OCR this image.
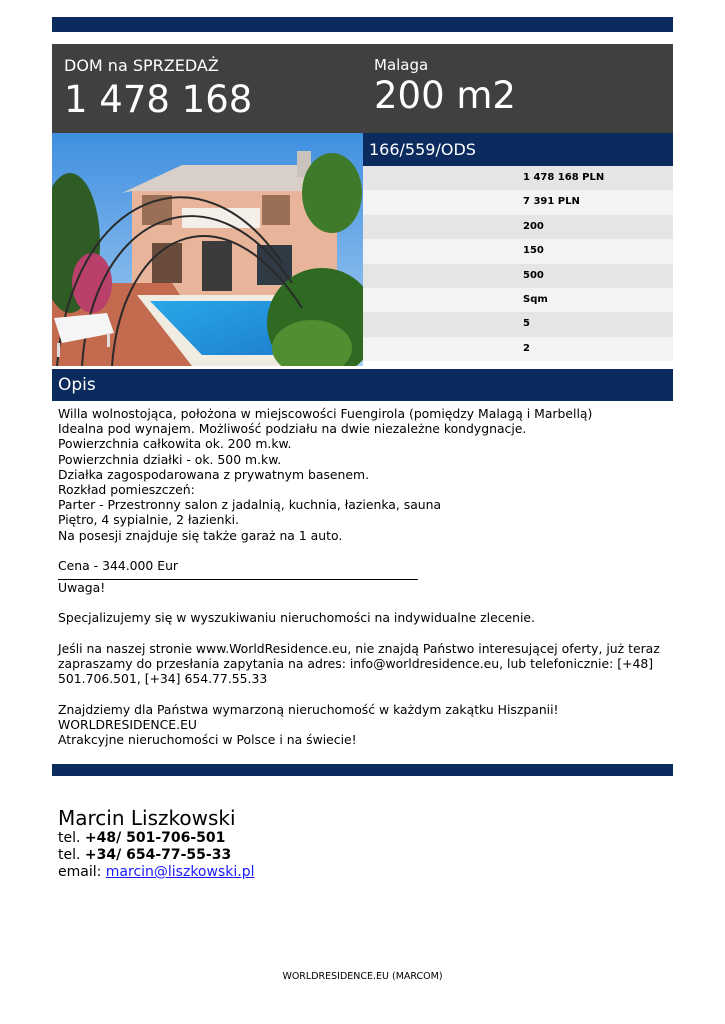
DOM na SPRZEDAŻ
1 478 168
Malaga
200 m2
166/559/ODS
1 478 168 PLN
7 391 PLN
200
150
500
Sqm
5
2
Opis
Willa wolnostojąca, położona w miejscowości Fuengirola (pomiędzy Malagą i Marbellą)
Idealna pod wynajem. Możliwość podziału na dwie niezależne kondygnacje.
Powierzchnia całkowita ok. 200 m.kw.
Powierzchnia działki - ok. 500 m.kw.
Działka zagospodarowana z prywatnym basenem.
Rozkład pomieszczeń:
Parter - Przestronny salon z jadalnią, kuchnia, łazienka, sauna
Piętro, 4 sypialnie, 2 łazienki.
Na posesji znajduje się także garaż na 1 auto.
Cena - 344.000 Eur
Uwaga!
Specjalizujemy się w wyszukiwaniu nieruchomości na indywidualne zlecenie.
Jeśli na naszej stronie www.WorldResidence.eu, nie znajdą Państwo interesującej oferty, już teraz
zapraszamy do przesłania zapytania na adres: info@worldresidence.eu, lub telefonicznie: [+48]
501.706.501, [+34] 654.77.55.33
Znajdziemy dla Państwa wymarzoną nieruchomość w każdym zakątku Hiszpanii!
WORLDRESIDENCE.EU
Atrakcyjne nieruchomości w Polsce i na świecie!
Marcin Liszkowski
tel. +48/ 501-706-501
tel. +34/ 654-77-55-33
email: marcin@liszkowski.pl
WORLDRESIDENCE.EU (MARCOM)
